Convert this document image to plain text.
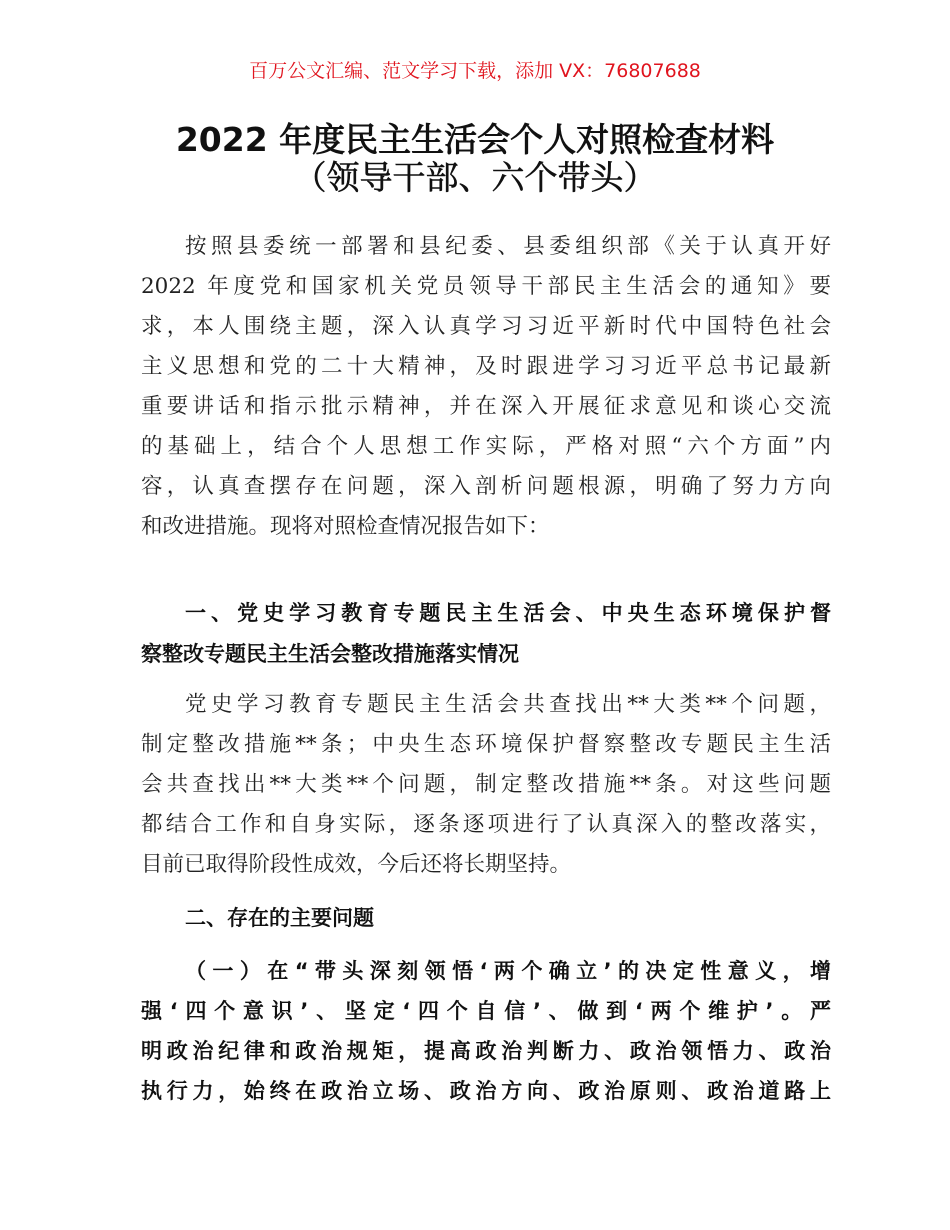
百万公文汇编、范文学习下载，添加 VX：76807688
2022 年度民主生活会个人对照检查材料
（领导干部、六个带头）
按照县委统一部署和县纪委、县委组织部《关于认真开好
2022 年度党和国家机关党员领导干部民主生活会的通知》要
求，本人围绕主题，深入认真学习习近平新时代中国特色社会
主义思想和党的二十大精神，及时跟进学习习近平总书记最新
重要讲话和指示批示精神，并在深入开展征求意见和谈心交流
的基础上，结合个人思想工作实际，严格对照“六个方面”内
容，认真查摆存在问题，深入剖析问题根源，明确了努力方向
和改进措施。现将对照检查情况报告如下：
一、党史学习教育专题民主生活会、中央生态环境保护督
察整改专题民主生活会整改措施落实情况
党史学习教育专题民主生活会共查找出**大类**个问题，
制定整改措施**条；中央生态环境保护督察整改专题民主生活
会共查找出**大类**个问题，制定整改措施**条。对这些问题
都结合工作和自身实际，逐条逐项进行了认真深入的整改落实，
目前已取得阶段性成效，今后还将长期坚持。
二、存在的主要问题
（一）在“带头深刻领悟‘两个确立’的决定性意义，增
强‘四个意识’、坚定‘四个自信’、做到‘两个维护’。严
明政治纪律和政治规矩，提高政治判断力、政治领悟力、政治
执行力，始终在政治立场、政治方向、政治原则、政治道路上
